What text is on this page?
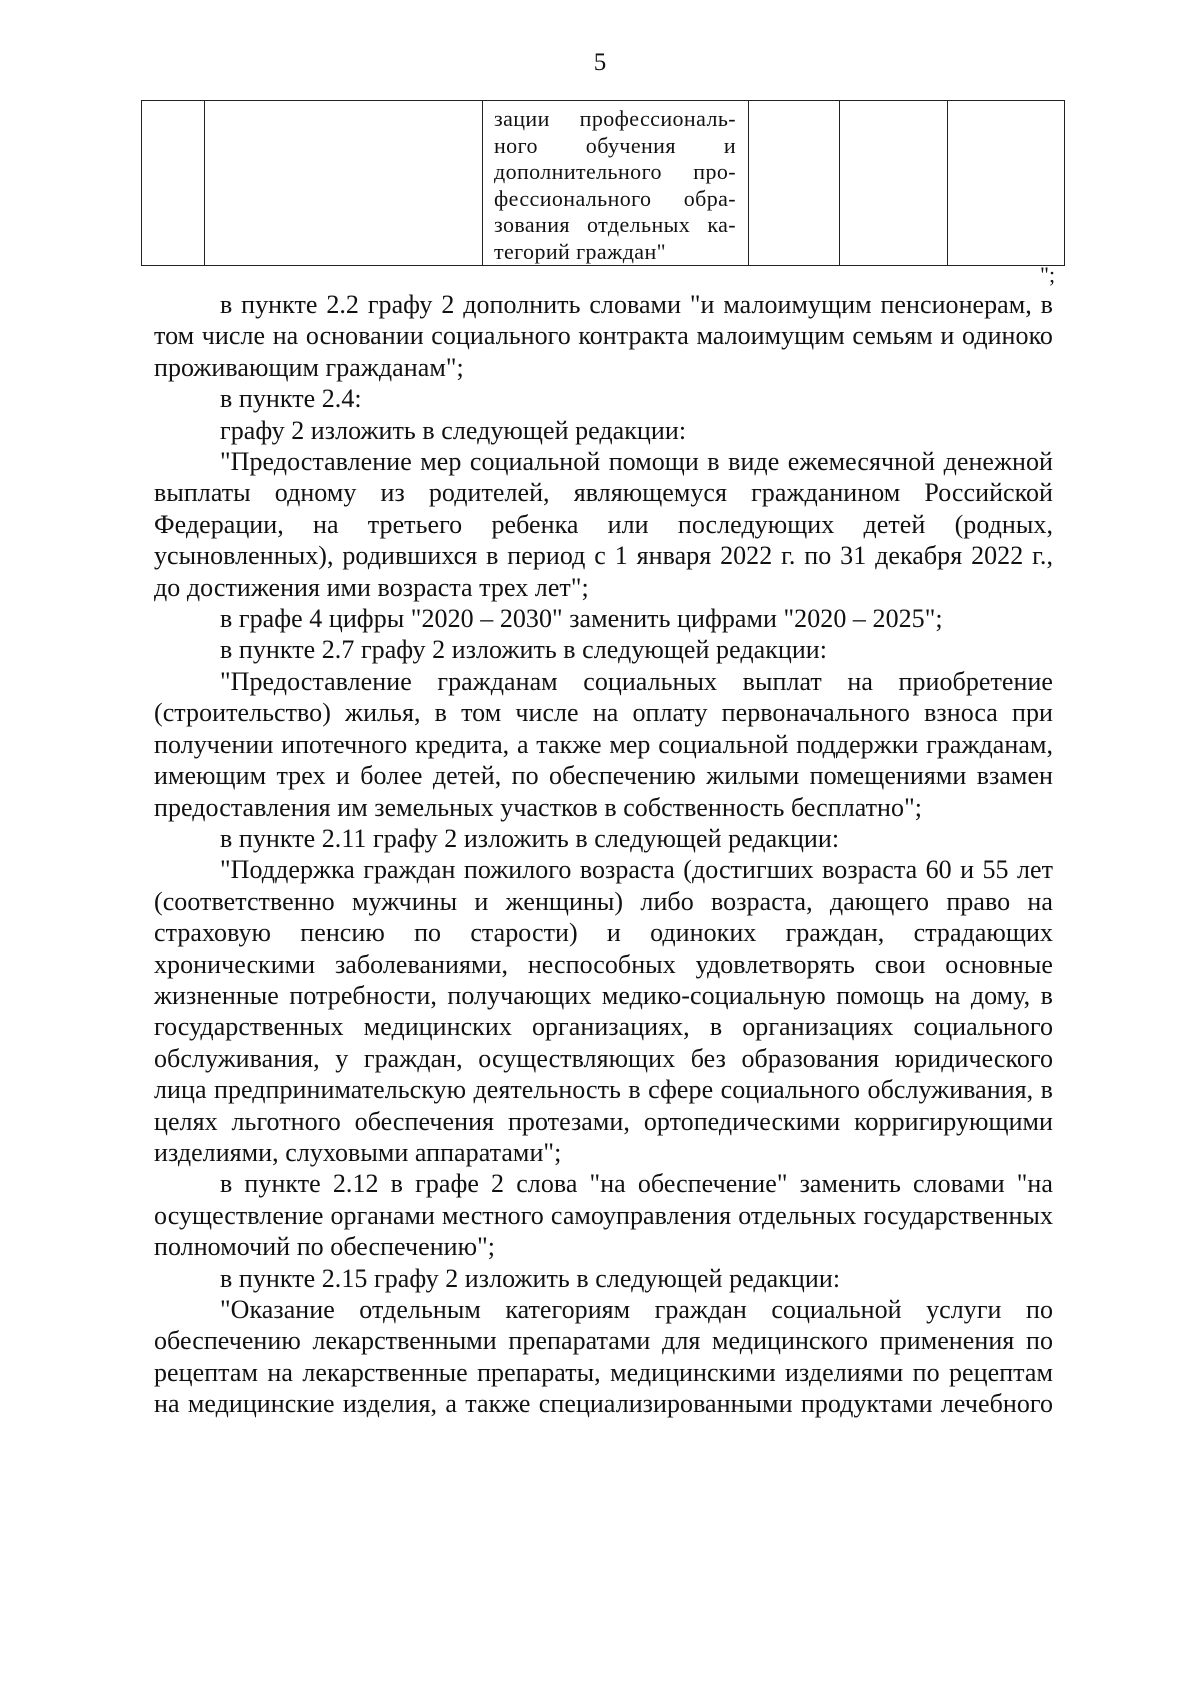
5

зации профессиональ-
ного обучения и
дополнительного про-
фессионального обра-
зования отдельных ка-
тегорий граждан"

";
в пункте 2.2 графу 2 дополнить словами "и малоимущим пенсионерам, в
том числе на основании социального контракта малоимущим семьям и одиноко
проживающим гражданам";
в пункте 2.4:
графу 2 изложить в следующей редакции:
"Предоставление мер социальной помощи в виде ежемесячной денежной
выплаты одному из родителей, являющемуся гражданином Российской
Федерации, на третьего ребенка или последующих детей (родных,
усыновленных), родившихся в период с 1 января 2022 г. по 31 декабря 2022 г.,
до достижения ими возраста трех лет";
в графе 4 цифры "2020 – 2030" заменить цифрами "2020 – 2025";
в пункте 2.7 графу 2 изложить в следующей редакции:
"Предоставление гражданам социальных выплат на приобретение
(строительство) жилья, в том числе на оплату первоначального взноса при
получении ипотечного кредита, а также мер социальной поддержки гражданам,
имеющим трех и более детей, по обеспечению жилыми помещениями взамен
предоставления им земельных участков в собственность бесплатно";
в пункте 2.11 графу 2 изложить в следующей редакции:
"Поддержка граждан пожилого возраста (достигших возраста 60 и 55 лет
(соответственно мужчины и женщины) либо возраста, дающего право на
страховую пенсию по старости) и одиноких граждан, страдающих
хроническими заболеваниями, неспособных удовлетворять свои основные
жизненные потребности, получающих медико-социальную помощь на дому, в
государственных медицинских организациях, в организациях социального
обслуживания, у граждан, осуществляющих без образования юридического
лица предпринимательскую деятельность в сфере социального обслуживания, в
целях льготного обеспечения протезами, ортопедическими корригирующими
изделиями, слуховыми аппаратами";
в пункте 2.12 в графе 2 слова "на обеспечение" заменить словами "на
осуществление органами местного самоуправления отдельных государственных
полномочий по обеспечению";
в пункте 2.15 графу 2 изложить в следующей редакции:
"Оказание отдельным категориям граждан социальной услуги по
обеспечению лекарственными препаратами для медицинского применения по
рецептам на лекарственные препараты, медицинскими изделиями по рецептам
на медицинские изделия, а также специализированными продуктами лечебного
